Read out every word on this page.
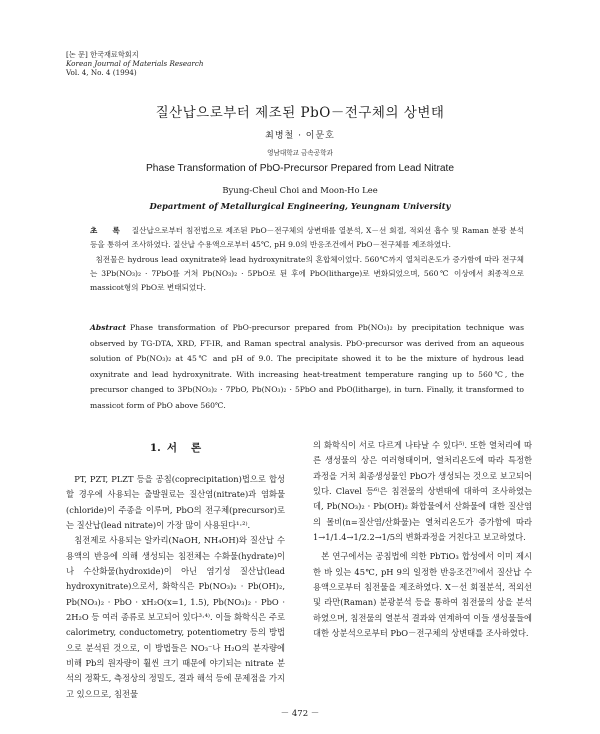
[논 문] 한국재료학회지
Korean Journal of Materials Research
Vol. 4, No. 4 (1994)
질산납으로부터 제조된 PbO－전구체의 상변태
최병철 · 이문호
영남대학교 금속공학과
Phase Transformation of PbO-Precursor Prepared from Lead Nitrate
Byung-Cheul Choi and Moon-Ho Lee
Department of Metallurgical Engineering, Yeungnam University

초 록 질산납으로부터 침전법으로 제조된 PbO－전구체의 상변태를 열분석, X－선 회절, 적외선 흡수 및 Raman 분광 분석 등을 통하여 조사하였다. 질산납 수용액으로부터 45℃, pH 9.0의 반응조건에서 PbO－전구체를 제조하였다.

침전물은 hydrous lead oxynitrate와 lead hydroxynitrate의 혼합체이었다. 560℃까지 열처리온도가 증가함에 따라 전구체는 3Pb(NO₃)₂ · 7PbO를 거쳐 Pb(NO₃)₂ · 5PbO로 된 후에 PbO(litharge)로 변화되었으며, 560℃ 이상에서 최종적으로 massicot형의 PbO로 변태되었다.

Abstract Phase transformation of PbO-precursor prepared from Pb(NO₃)₂ by precipitation technique was observed by TG-DTA, XRD, FT-IR, and Raman spectral analysis. PbO-precursor was derived from an aqueous solution of Pb(NO₃)₂ at 45℃ and pH of 9.0. The precipitate showed it to be the mixture of hydrous lead oxynitrate and lead hydroxynitrate. With increasing heat-treatment temperature ranging up to 560℃, the precursor changed to 3Pb(NO₃)₂ · 7PbO, Pb(NO₃)₂ · 5PbO and PbO(litharge), in turn. Finally, it transformed to massicot form of PbO above 560℃.
1. 서 론

PT, PZT, PLZT 등을 공침(coprecipitation)법으로 합성할 경우에 사용되는 출발원료는 질산염(nitrate)과 염화물(chloride)이 주종을 이루며, PbO의 전구체(precursor)로는 질산납(lead nitrate)이 가장 많이 사용된다¹·²⁾.

침전제로 사용되는 알카리(NaOH, NH₄OH)와 질산납 수용액의 반응에 의해 생성되는 침전체는 수화물(hydrate)이나 수산화물(hydroxide)이 아닌 염기성 질산납(lead hydroxynitrate)으로서, 화학식은 Pb(NO₃)₂ · Pb(OH)₂, Pb(NO₃)₂ · PbO · xH₂O(x=1, 1.5), Pb(NO₃)₂ · PbO · 2H₂O 등 여러 종류로 보고되어 있다³·⁴⁾. 이들 화학식은 주로 calorimetry, conductometry, potentiometry 등의 방법으로 분석된 것으로, 이 방법들은 NO₃⁻나 H₂O의 분자량에 비해 Pb의 원자량이 훨씬 크기 때문에 야기되는 nitrate 분석의 정확도, 측정상의 정밀도, 결과 해석 등에 문제점을 가지고 있으므로, 침전물

의 화학식이 서로 다르게 나타날 수 있다⁵⁾. 또한 열처리에 따른 생성물의 상은 여러형태이며, 열처리온도에 따라 특정한 과정을 거쳐 최종생성물인 PbO가 생성되는 것으로 보고되어 있다. Clavel 등⁶⁾은 침전물의 상변태에 대하여 조사하였는데, Pb(NO₃)₂ · Pb(OH)₂ 화합물에서 산화물에 대한 질산염의 몰비(n=질산염/산화물)는 열처리온도가 증가함에 따라 1→1/1.4→1/2.2→1/5의 변화과정을 거친다고 보고하였다.

본 연구에서는 공침법에 의한 PbTiO₃ 합성에서 이미 제시한 바 있는 45℃, pH 9의 일정한 반응조건⁷⁾에서 질산납 수용액으로부터 침전물을 제조하였다. X－선 회절분석, 적외선 및 라만(Raman) 분광분석 등을 통하여 침전물의 상을 분석하였으며, 침전물의 열분석 결과와 연계하여 이들 생성물들에 대한 상분석으로부터 PbO－전구체의 상변태를 조사하였다.

－ 472 －
